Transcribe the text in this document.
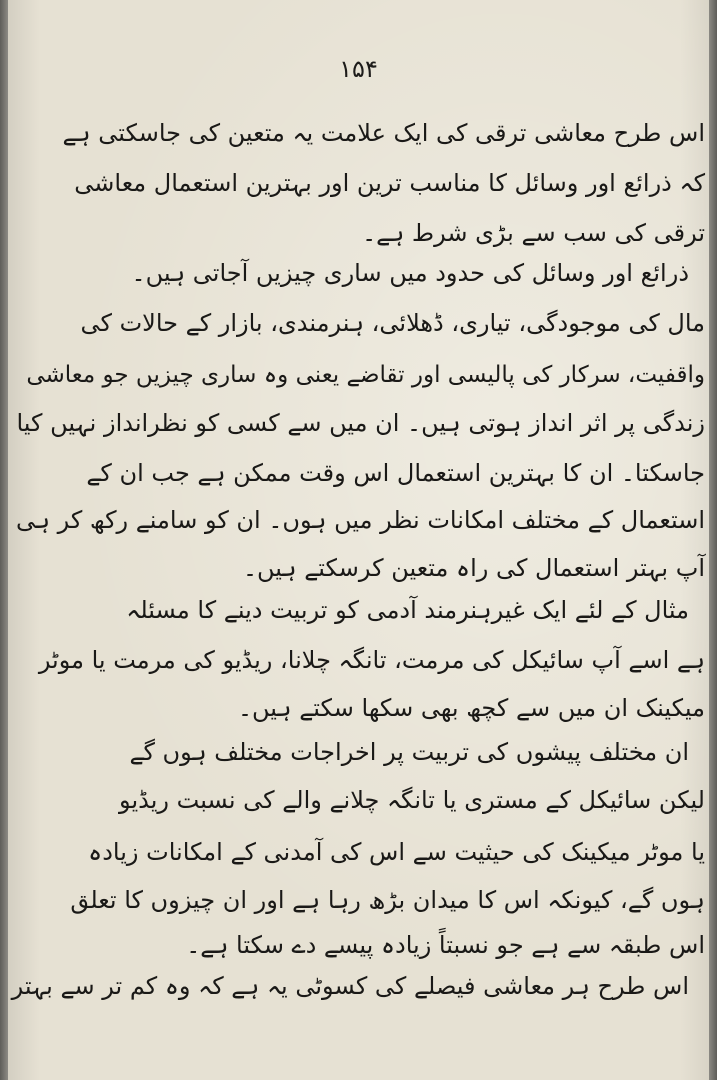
۱۵۴
اس طرح معاشی ترقی کی ایک علامت یہ متعین کی جاسکتی ہے
کہ ذرائع اور وسائل کا مناسب ترین اور بہترین استعمال معاشی
ترقی کی سب سے بڑی شرط ہے۔
ذرائع اور وسائل کی حدود میں ساری چیزیں آجاتی ہیں۔
مال کی موجودگی، تیاری، ڈھلائی، ہنرمندی، بازار کے حالات کی
واقفیت، سرکار کی پالیسی اور تقاضے یعنی وہ ساری چیزیں جو معاشی
زندگی پر اثر انداز ہوتی ہیں۔ ان میں سے کسی کو نظرانداز نہیں کیا
جاسکتا۔ ان کا بہترین استعمال اس وقت ممکن ہے جب ان کے
استعمال کے مختلف امکانات نظر میں ہوں۔ ان کو سامنے رکھ کر ہی
آپ بہتر استعمال کی راہ متعین کرسکتے ہیں۔
مثال کے لئے ایک غیرہنرمند آدمی کو تربیت دینے کا مسئلہ
ہے اسے آپ سائیکل کی مرمت، تانگہ چلانا، ریڈیو کی مرمت یا موٹر
میکینک ان میں سے کچھ بھی سکھا سکتے ہیں۔
ان مختلف پیشوں کی تربیت پر اخراجات مختلف ہوں گے
لیکن سائیکل کے مستری یا تانگہ چلانے والے کی نسبت ریڈیو
یا موٹر میکینک کی حیثیت سے اس کی آمدنی کے امکانات زیادہ
ہوں گے، کیونکہ اس کا میدان بڑھ رہا ہے اور ان چیزوں کا تعلق
اس طبقہ سے ہے جو نسبتاً زیادہ پیسے دے سکتا ہے۔
اس طرح ہر معاشی فیصلے کی کسوٹی یہ ہے کہ وہ کم تر سے بہتر
